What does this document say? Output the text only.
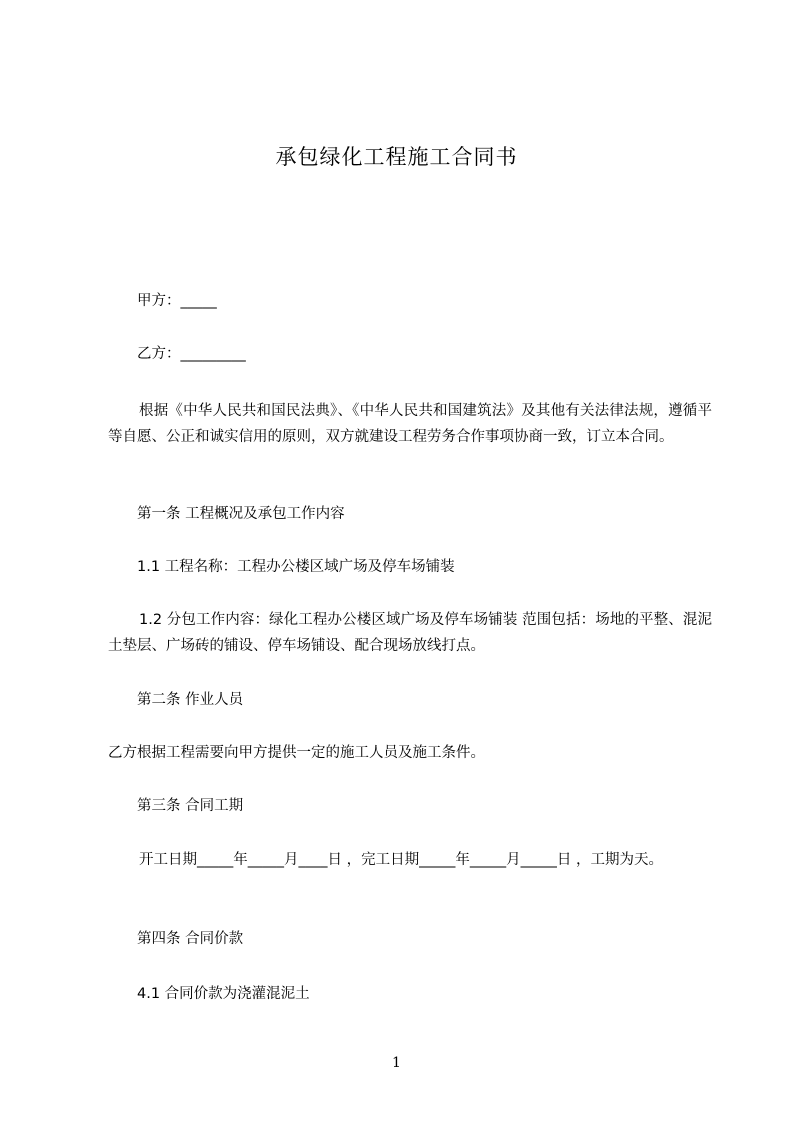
承包绿化工程施工合同书
甲方：_____
乙方：_________
根据《中华人民共和国民法典》、《中华人民共和国建筑法》及其他有关法律法规，遵循平等自愿、公正和诚实信用的原则，双方就建设工程劳务合作事项协商一致，订立本合同。
第一条 工程概况及承包工作内容
1.1 工程名称：工程办公楼区域广场及停车场铺装
1.2 分包工作内容：绿化工程办公楼区域广场及停车场铺装 范围包括：场地的平整、混泥土垫层、广场砖的铺设、停车场铺设、配合现场放线打点。
第二条 作业人员
乙方根据工程需要向甲方提供一定的施工人员及施工条件。
第三条 合同工期
开工日期_____年_____月____日 ，完工日期_____年_____月_____日 ，工期为天。
第四条 合同价款
4.1 合同价款为浇灌混泥土
1
